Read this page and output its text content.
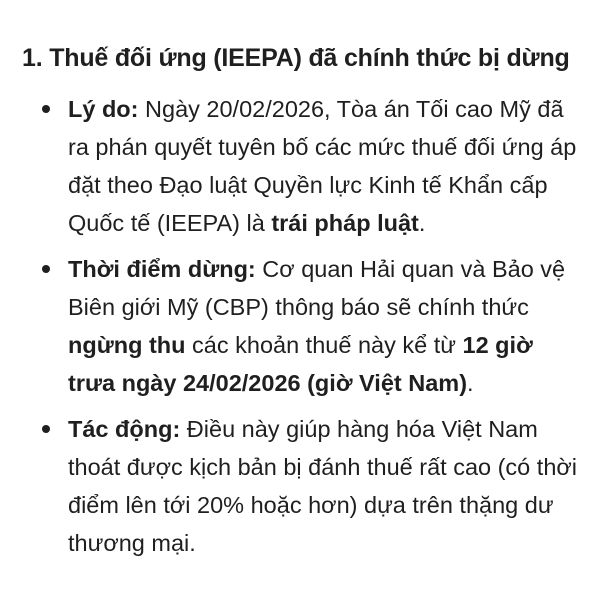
1. Thuế đối ứng (IEEPA) đã chính thức bị dừng
Lý do: Ngày 20/02/2026, Tòa án Tối cao Mỹ đã ra phán quyết tuyên bố các mức thuế đối ứng áp đặt theo Đạo luật Quyền lực Kinh tế Khẩn cấp Quốc tế (IEEPA) là trái pháp luật.
Thời điểm dừng: Cơ quan Hải quan và Bảo vệ Biên giới Mỹ (CBP) thông báo sẽ chính thức ngừng thu các khoản thuế này kể từ 12 giờ trưa ngày 24/02/2026 (giờ Việt Nam).
Tác động: Điều này giúp hàng hóa Việt Nam thoát được kịch bản bị đánh thuế rất cao (có thời điểm lên tới 20% hoặc hơn) dựa trên thặng dư thương mại.
